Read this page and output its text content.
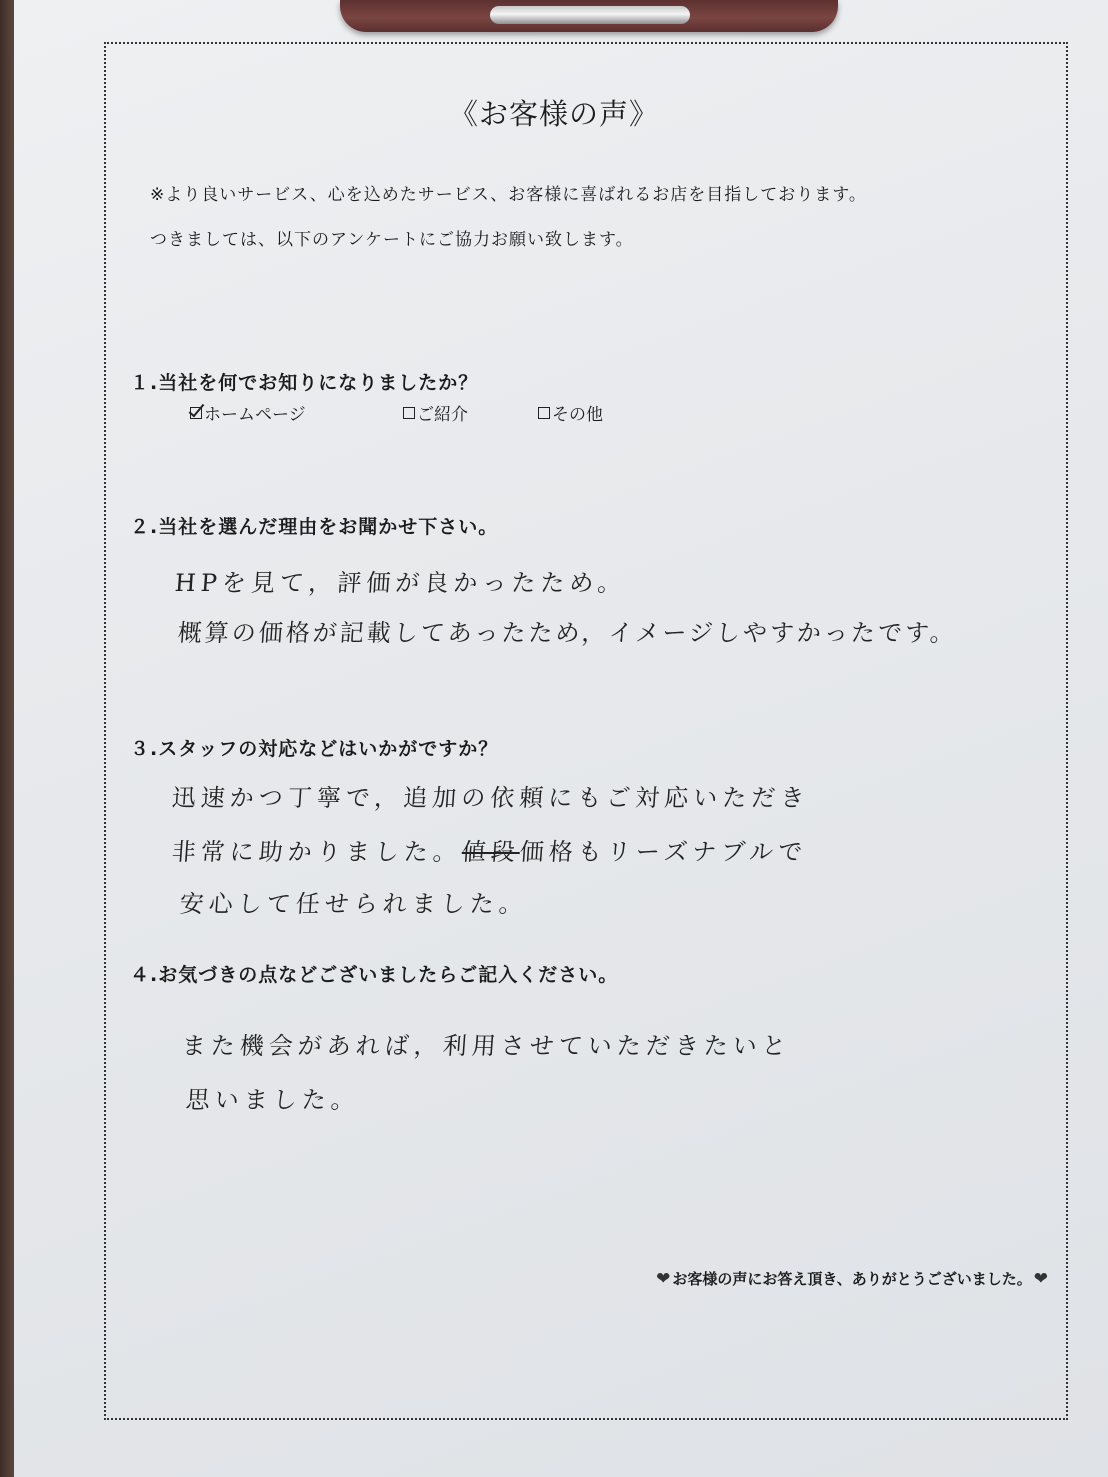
《お客様の声》
※より良いサービス、心を込めたサービス、お客様に喜ばれるお店を目指しております。
つきましては、以下のアンケートにご協力お願い致します。
１.当社を何でお知りになりましたか？
ホームページ	ご紹介	その他
２.当社を選んだ理由をお聞かせ下さい。
HPを見て，評価が良かったため。
概算の価格が記載してあったため，イメージしやすかったです。
３.スタッフの対応などはいかがですか？
迅速かつ丁寧で，追加の依頼にもご対応いただき
非常に助かりました。値段価格もリーズナブルで
安心して任せられました。
４.お気づきの点などございましたらご記入ください。
また機会があれば，利用させていただきたいと
思いました。
❤ お客様の声にお答え頂き、ありがとうございました。 ❤
